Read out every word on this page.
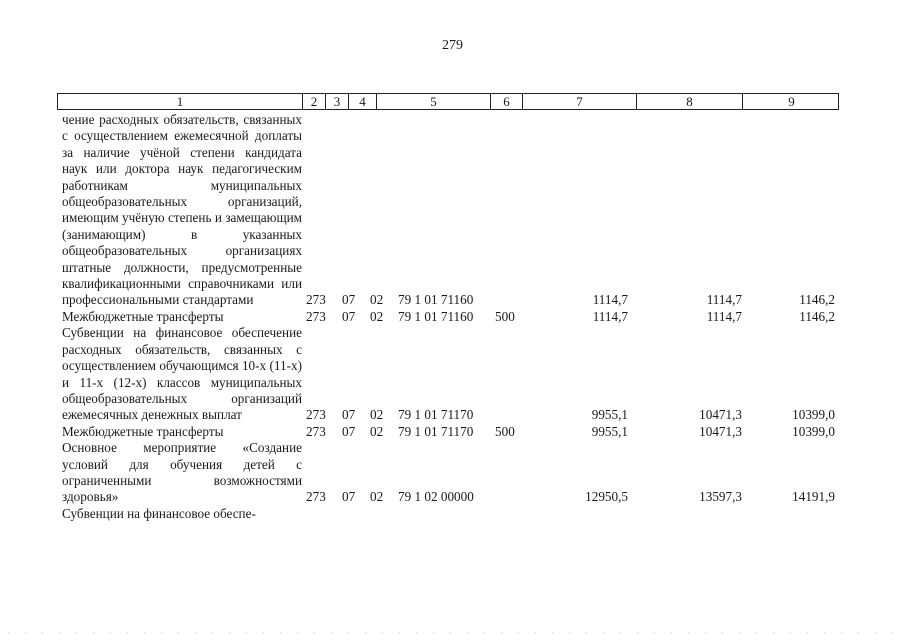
279
1	2	3	4	5	6	7	8	9
чение расходных обязательств, связанных с осуществлением ежемесячной доплаты за наличие учёной степени кандидата наук или доктора наук педагогическим работникам муниципальных общеобразовательных организаций, имеющим учёную степень и замещающим (занимающим) в указанных общеобразовательных организациях штатные должности, предусмотренные квалификационными справочниками или профессиональными стандартами	273 07 02 79 1 01 71160	1114,7	1114,7	1146,2
Межбюджетные трансферты	273 07 02 79 1 01 71160 500	1114,7	1114,7	1146,2
Субвенции на финансовое обеспечение расходных обязательств, связанных с осуществлением обучающимся 10-х (11-х) и 11-х (12-х) классов муниципальных общеобразовательных организаций ежемесячных денежных выплат	273 07 02 79 1 01 71170	9955,1	10471,3	10399,0
Межбюджетные трансферты	273 07 02 79 1 01 71170 500	9955,1	10471,3	10399,0
Основное мероприятие «Создание условий для обучения детей с ограниченными возможностями здоровья»	273 07 02 79 1 02 00000	12950,5	13597,3	14191,9
Субвенции на финансовое обеспе-
